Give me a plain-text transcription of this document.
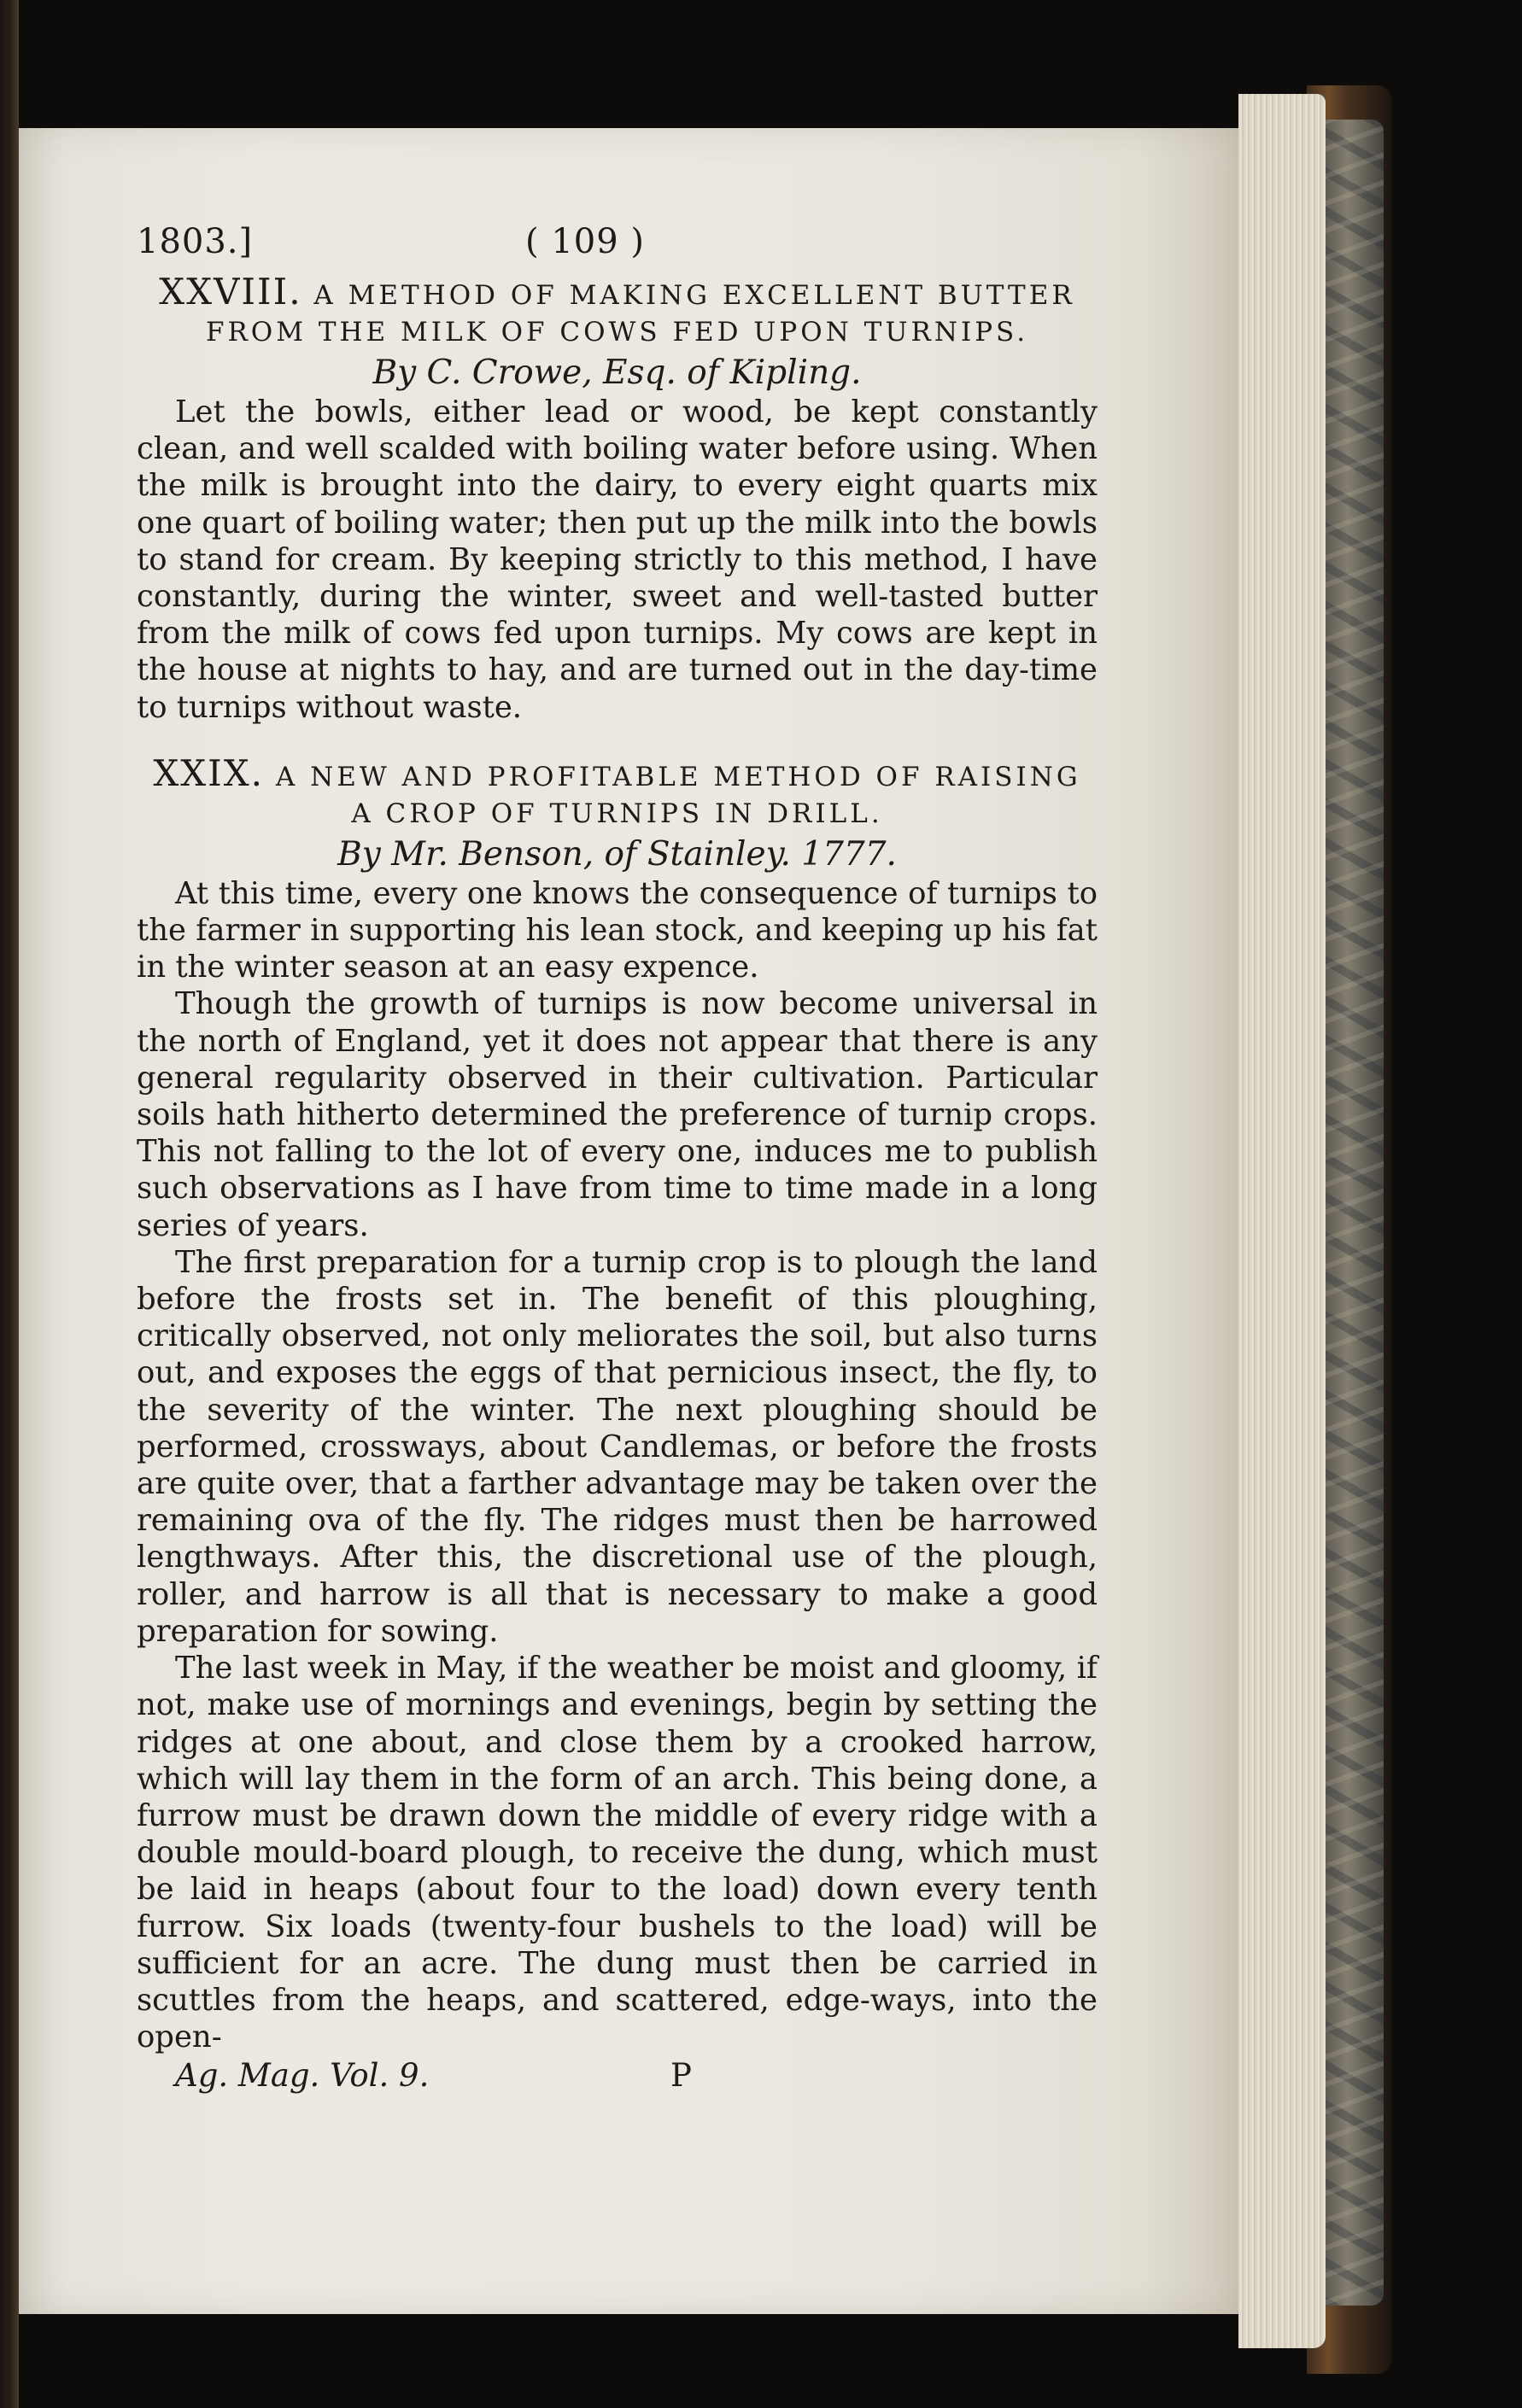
1803.]	( 109 )
XXVIII. A METHOD OF MAKING EXCELLENT BUTTER
FROM THE MILK OF COWS FED UPON TURNIPS.
By C. Crowe, Esq. of Kipling.

Let the bowls, either lead or wood, be kept constantly clean, and well scalded with boiling water before using. When the milk is brought into the dairy, to every eight quarts mix one quart of boiling water; then put up the milk into the bowls to stand for cream. By keeping strictly to this method, I have constantly, during the winter, sweet and well-tasted butter from the milk of cows fed upon turnips. My cows are kept in the house at nights to hay, and are turned out in the day-time to turnips without waste.

XXIX. A NEW AND PROFITABLE METHOD OF RAISING
A CROP OF TURNIPS IN DRILL.
By Mr. Benson, of Stainley. 1777.

At this time, every one knows the consequence of turnips to the farmer in supporting his lean stock, and keeping up his fat in the winter season at an easy expence.

Though the growth of turnips is now become universal in the north of England, yet it does not appear that there is any general regularity observed in their cultivation. Particular soils hath hitherto determined the preference of turnip crops. This not falling to the lot of every one, induces me to publish such observations as I have from time to time made in a long series of years.

The first preparation for a turnip crop is to plough the land before the frosts set in. The benefit of this ploughing, critically observed, not only meliorates the soil, but also turns out, and exposes the eggs of that pernicious insect, the fly, to the severity of the winter. The next ploughing should be performed, crossways, about Candlemas, or before the frosts are quite over, that a farther advantage may be taken over the remaining ova of the fly. The ridges must then be harrowed lengthways. After this, the discretional use of the plough, roller, and harrow is all that is necessary to make a good preparation for sowing.

The last week in May, if the weather be moist and gloomy, if not, make use of mornings and evenings, begin by setting the ridges at one about, and close them by a crooked harrow, which will lay them in the form of an arch. This being done, a furrow must be drawn down the middle of every ridge with a double mould-board plough, to receive the dung, which must be laid in heaps (about four to the load) down every tenth furrow. Six loads (twenty-four bushels to the load) will be sufficient for an acre. The dung must then be carried in scuttles from the heaps, and scattered, edge-ways, into the open-

Ag. Mag. Vol. 9.	P
